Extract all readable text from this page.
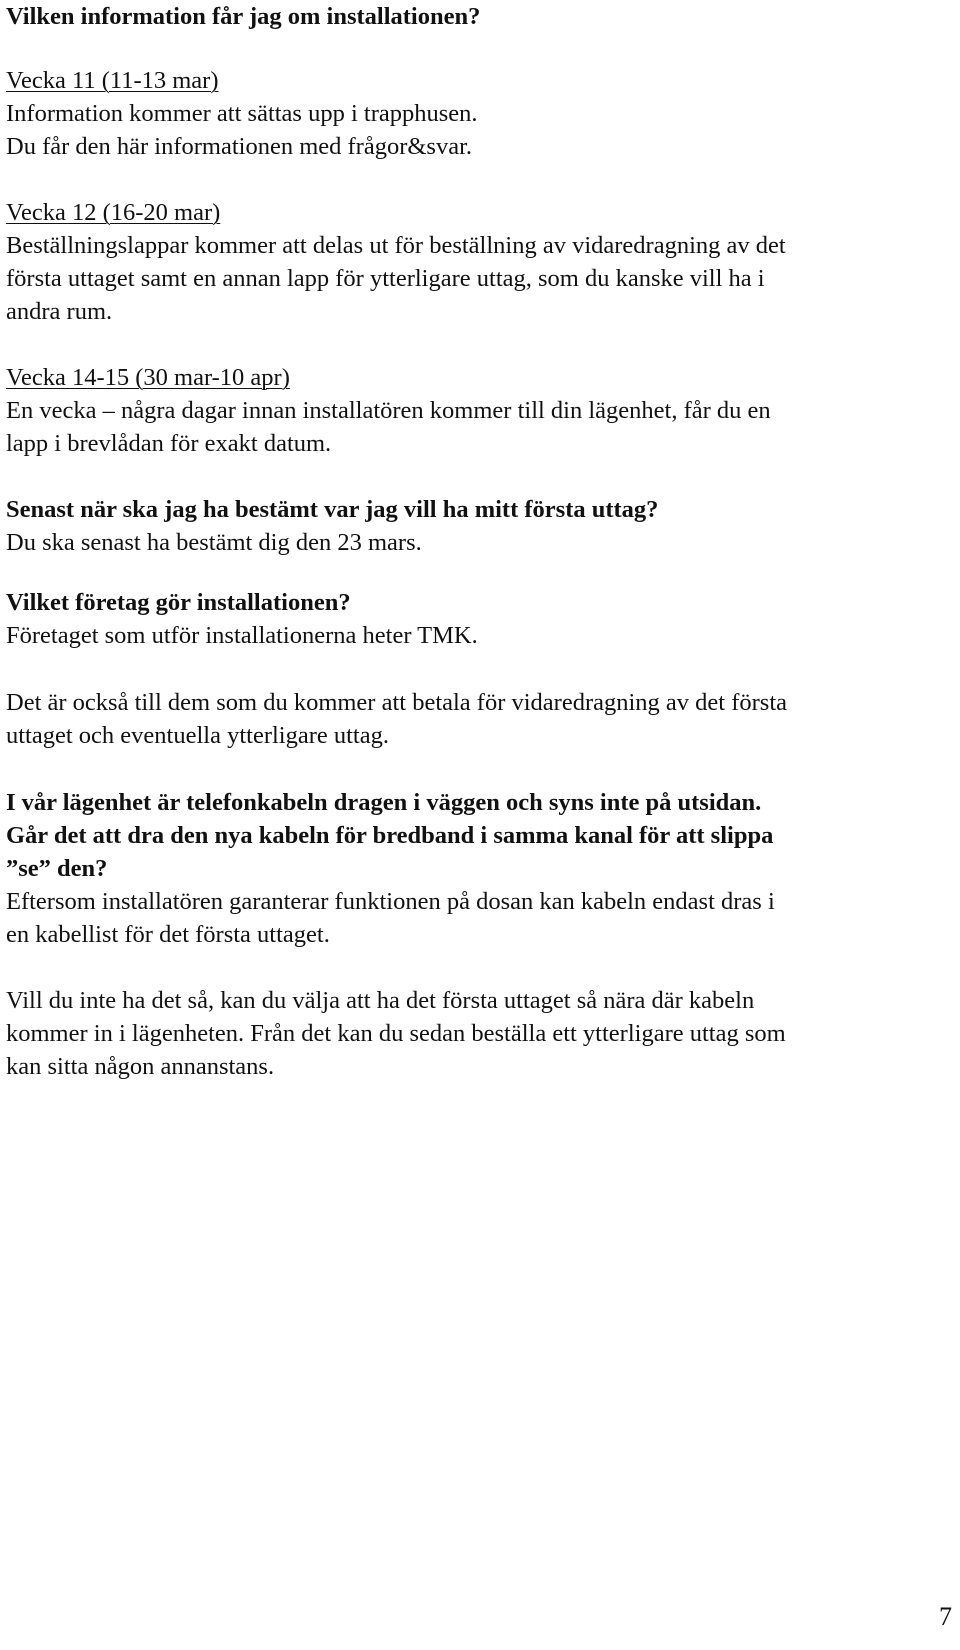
Vilken information får jag om installationen?
Vecka 11 (11-13 mar)
Information kommer att sättas upp i trapphusen.
Du får den här informationen med frågor&svar.
Vecka 12 (16-20 mar)
Beställningslappar kommer att delas ut för beställning av vidaredragning av det
första uttaget samt en annan lapp för ytterligare uttag, som du kanske vill ha i
andra rum.
Vecka 14-15 (30 mar-10 apr)
En vecka – några dagar innan installatören kommer till din lägenhet, får du en
lapp i brevlådan för exakt datum.
Senast när ska jag ha bestämt var jag vill ha mitt första uttag?
Du ska senast ha bestämt dig den 23 mars.
Vilket företag gör installationen?
Företaget som utför installationerna heter TMK.
Det är också till dem som du kommer att betala för vidaredragning av det första
uttaget och eventuella ytterligare uttag.
I vår lägenhet är telefonkabeln dragen i väggen och syns inte på utsidan.
Går det att dra den nya kabeln för bredband i samma kanal för att slippa
”se” den?
Eftersom installatören garanterar funktionen på dosan kan kabeln endast dras i
en kabellist för det första uttaget.
Vill du inte ha det så, kan du välja att ha det första uttaget så nära där kabeln
kommer in i lägenheten. Från det kan du sedan beställa ett ytterligare uttag som
kan sitta någon annanstans.
7
